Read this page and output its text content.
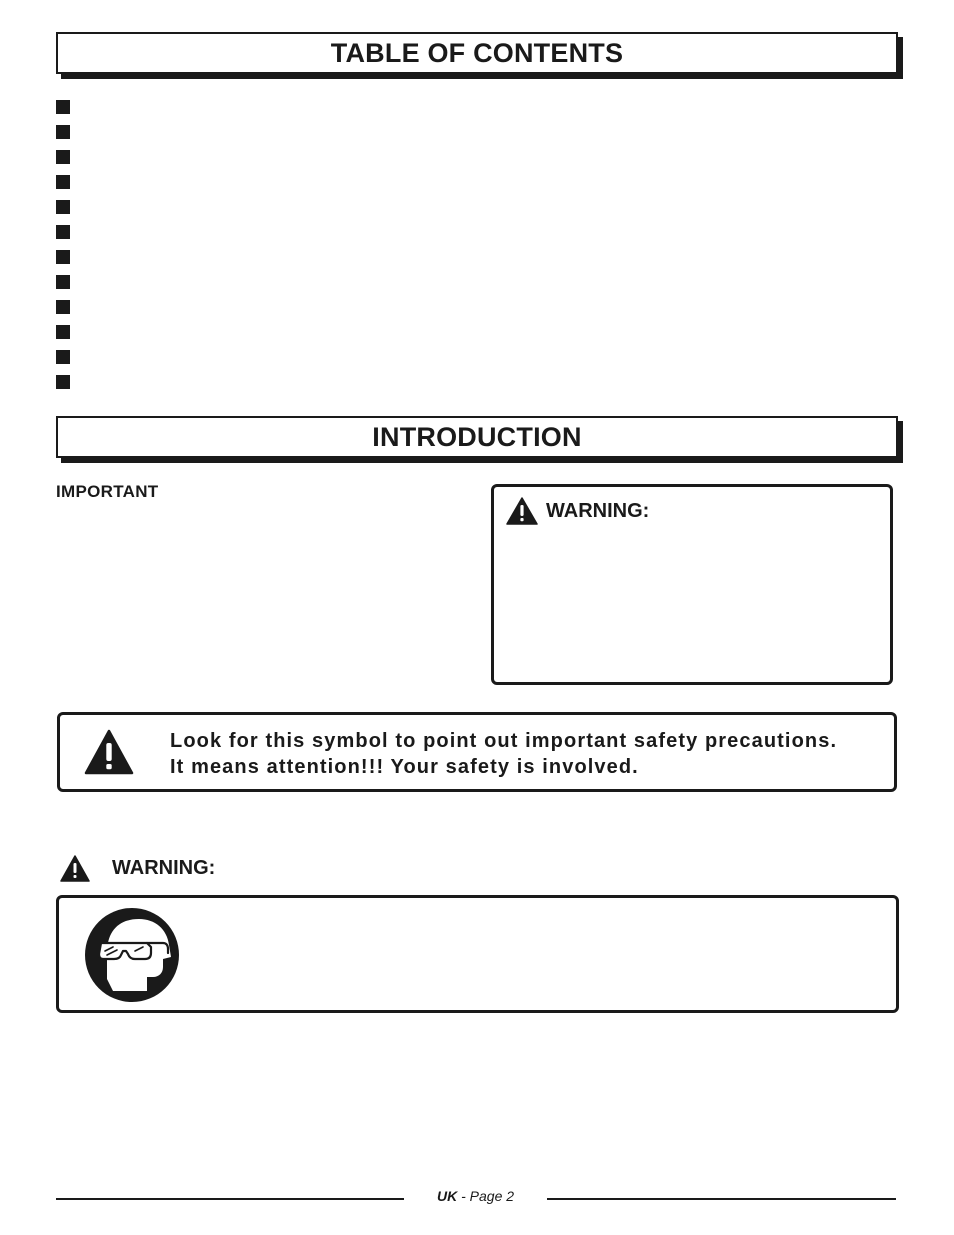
TABLE OF CONTENTS
INTRODUCTION
IMPORTANT
WARNING:

Look for this symbol to point out important safety precautions.
It means attention!!! Your safety is involved.

WARNING:
UK - Page 2
